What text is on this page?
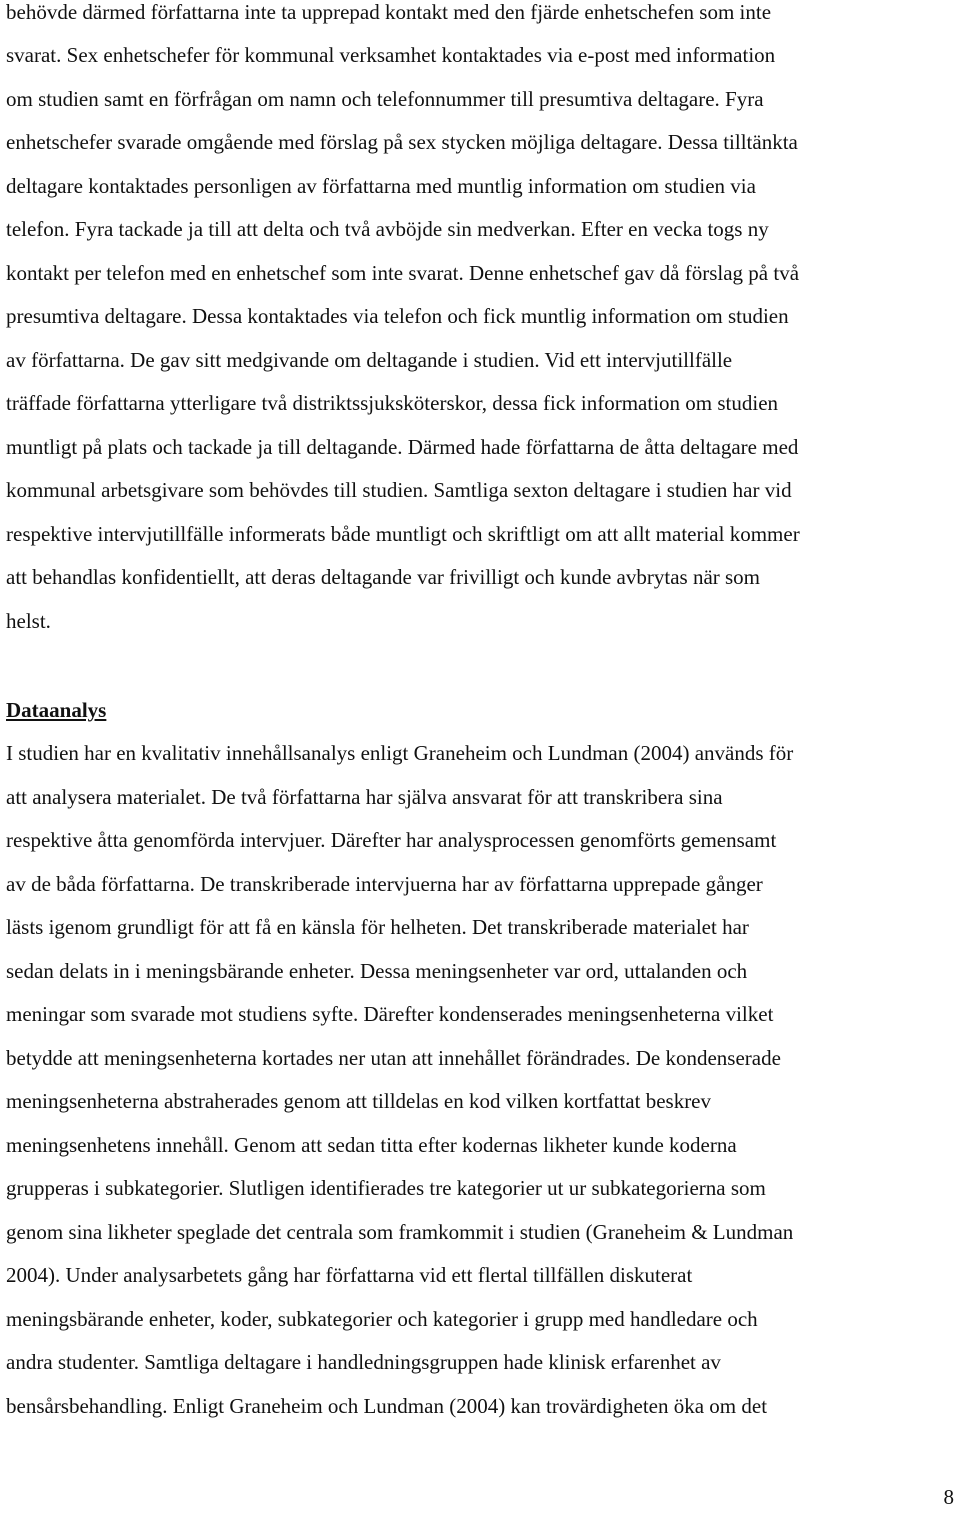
behövde därmed författarna inte ta upprepad kontakt med den fjärde enhetschefen som inte
svarat. Sex enhetschefer för kommunal verksamhet kontaktades via e-post med information
om studien samt en förfrågan om namn och telefonnummer till presumtiva deltagare. Fyra
enhetschefer svarade omgående med förslag på sex stycken möjliga deltagare. Dessa tilltänkta
deltagare kontaktades personligen av författarna med muntlig information om studien via
telefon. Fyra tackade ja till att delta och två avböjde sin medverkan. Efter en vecka togs ny
kontakt per telefon med en enhetschef som inte svarat. Denne enhetschef gav då förslag på två
presumtiva deltagare. Dessa kontaktades via telefon och fick muntlig information om studien
av författarna. De gav sitt medgivande om deltagande i studien. Vid ett intervjutillfälle
träffade författarna ytterligare två distriktssjuksköterskor, dessa fick information om studien
muntligt på plats och tackade ja till deltagande. Därmed hade författarna de åtta deltagare med
kommunal arbetsgivare som behövdes till studien. Samtliga sexton deltagare i studien har vid
respektive intervjutillfälle informerats både muntligt och skriftligt om att allt material kommer
att behandlas konfidentiellt, att deras deltagande var frivilligt och kunde avbrytas när som
helst.
Dataanalys
I studien har en kvalitativ innehållsanalys enligt Graneheim och Lundman (2004) används för
att analysera materialet. De två författarna har själva ansvarat för att transkribera sina
respektive åtta genomförda intervjuer. Därefter har analysprocessen genomförts gemensamt
av de båda författarna. De transkriberade intervjuerna har av författarna upprepade gånger
lästs igenom grundligt för att få en känsla för helheten. Det transkriberade materialet har
sedan delats in i meningsbärande enheter. Dessa meningsenheter var ord, uttalanden och
meningar som svarade mot studiens syfte. Därefter kondenserades meningsenheterna vilket
betydde att meningsenheterna kortades ner utan att innehållet förändrades. De kondenserade
meningsenheterna abstraherades genom att tilldelas en kod vilken kortfattat beskrev
meningsenhetens innehåll. Genom att sedan titta efter kodernas likheter kunde koderna
grupperas i subkategorier. Slutligen identifierades tre kategorier ut ur subkategorierna som
genom sina likheter speglade det centrala som framkommit i studien (Graneheim & Lundman
2004). Under analysarbetets gång har författarna vid ett flertal tillfällen diskuterat
meningsbärande enheter, koder, subkategorier och kategorier i grupp med handledare och
andra studenter. Samtliga deltagare i handledningsgruppen hade klinisk erfarenhet av
bensårsbehandling. Enligt Graneheim och Lundman (2004) kan trovärdigheten öka om det
8
